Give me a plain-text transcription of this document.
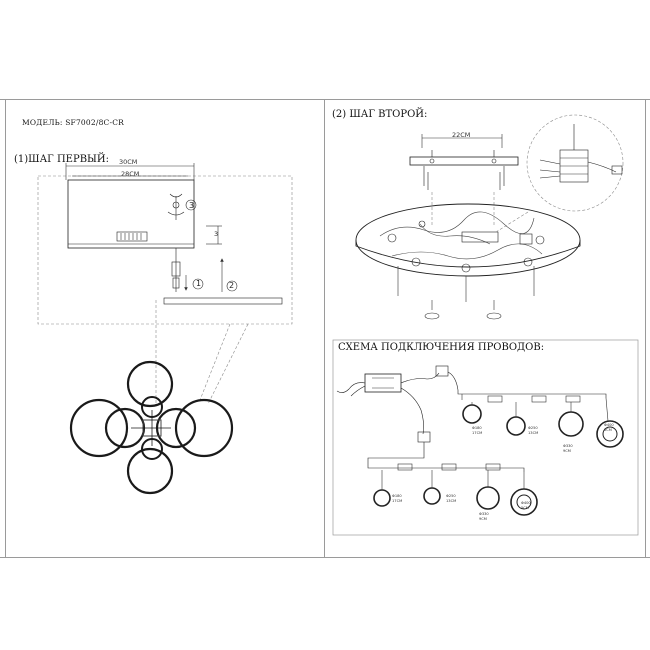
МОДЕЛЬ: SF7002/8C-CR
(1)ШАГ ПЕРВЫЙ:
(2) ШАГ ВТОРОЙ:
СХЕМА ПОДКЛЮЧЕНИЯ ПРОВОДОВ:
30СМ
28СМ
3
1	2
3
22СМ
Φ180
17CM
Φ250
13CM
Φ330
9CM
Φ400
5CM
Φ180
17CM
Φ250
13CM
Φ330
9CM
Φ400
5CM
